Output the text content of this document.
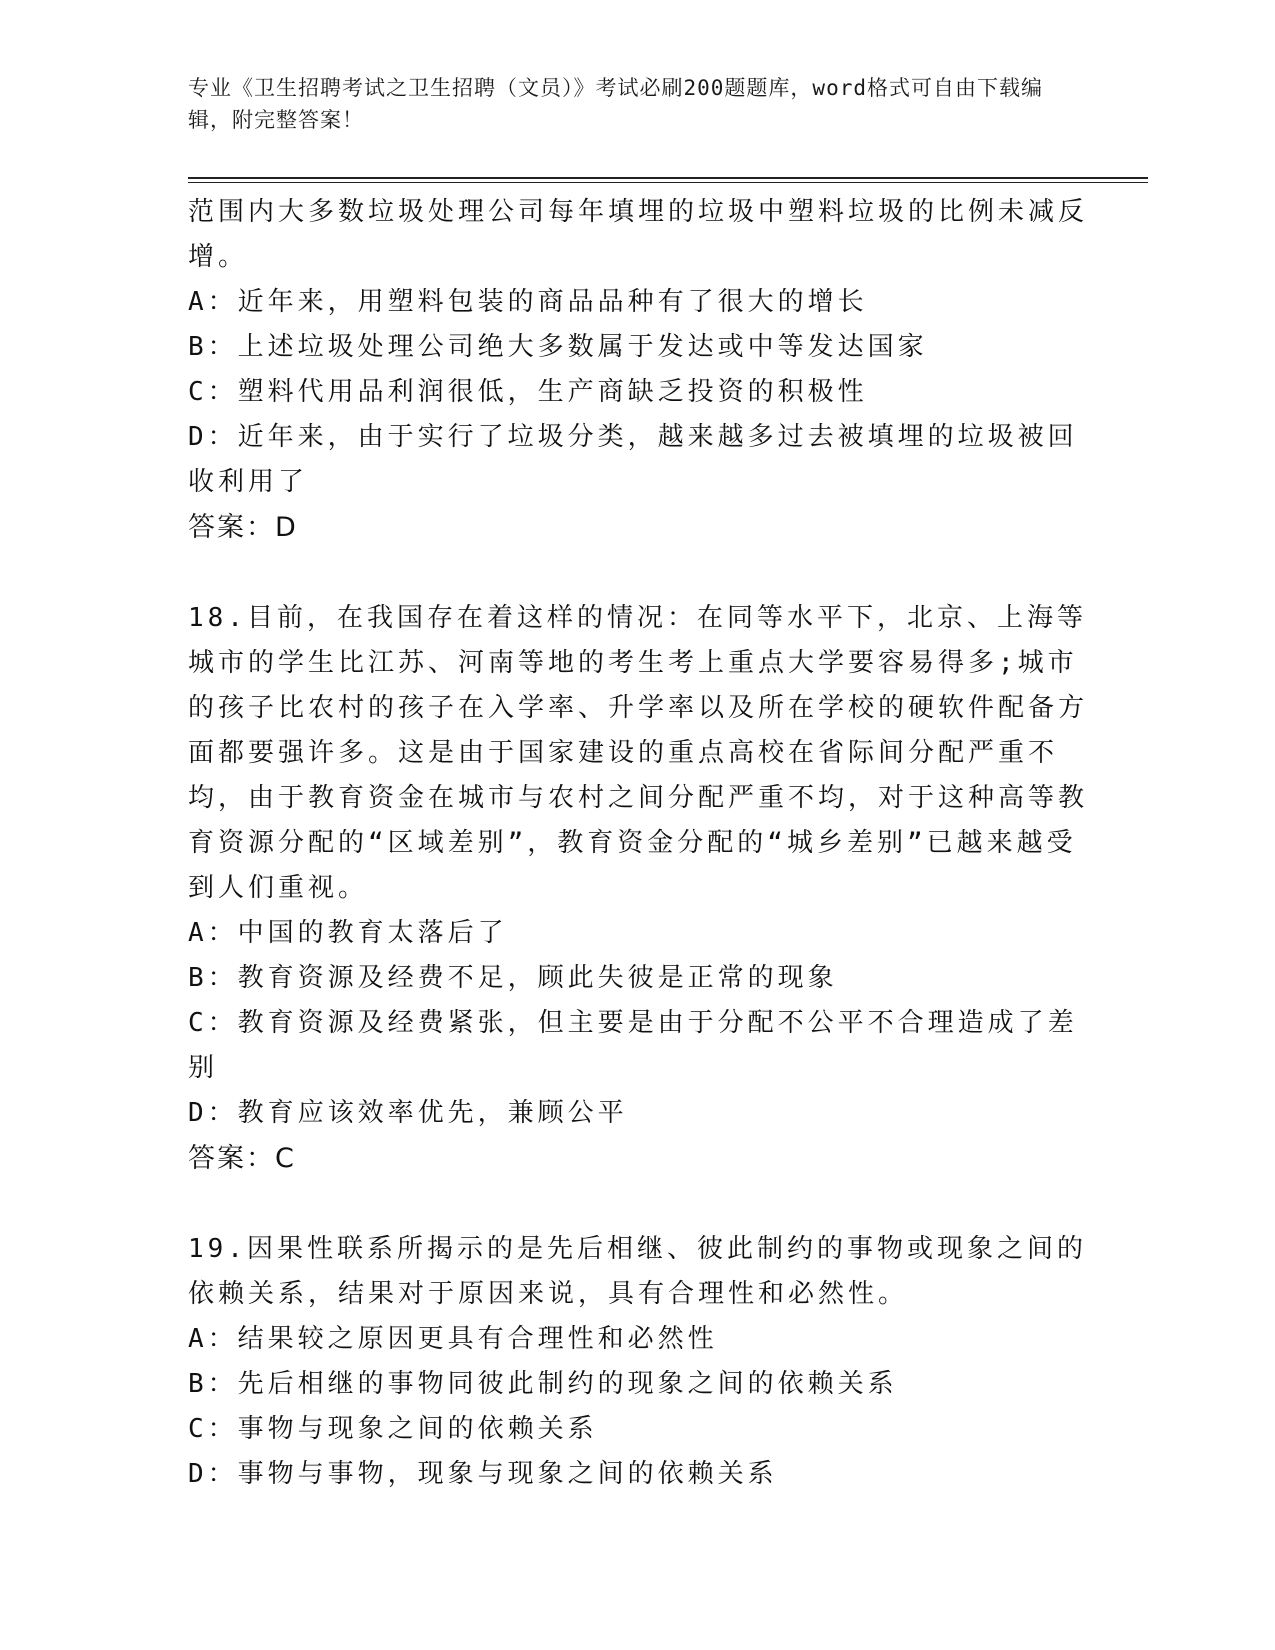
专业《卫生招聘考试之卫生招聘（文员）》考试必刷200题题库，word格式可自由下载编辑，附完整答案！

范围内大多数垃圾处理公司每年填埋的垃圾中塑料垃圾的比例未减反增。

A：近年来，用塑料包装的商品品种有了很大的增长

B：上述垃圾处理公司绝大多数属于发达或中等发达国家

C：塑料代用品利润很低，生产商缺乏投资的积极性

D：近年来，由于实行了垃圾分类，越来越多过去被填埋的垃圾被回收利用了

答案：D

18.目前，在我国存在着这样的情况：在同等水平下，北京、上海等城市的学生比江苏、河南等地的考生考上重点大学要容易得多;城市的孩子比农村的孩子在入学率、升学率以及所在学校的硬软件配备方面都要强许多。这是由于国家建设的重点高校在省际间分配严重不均，由于教育资金在城市与农村之间分配严重不均，对于这种高等教育资源分配的“区域差别”，教育资金分配的“城乡差别”已越来越受到人们重视。

A：中国的教育太落后了

B：教育资源及经费不足，顾此失彼是正常的现象

C：教育资源及经费紧张，但主要是由于分配不公平不合理造成了差别

D：教育应该效率优先，兼顾公平

答案：C

19.因果性联系所揭示的是先后相继、彼此制约的事物或现象之间的依赖关系，结果对于原因来说，具有合理性和必然性。

A：结果较之原因更具有合理性和必然性

B：先后相继的事物同彼此制约的现象之间的依赖关系

C：事物与现象之间的依赖关系

D：事物与事物，现象与现象之间的依赖关系
